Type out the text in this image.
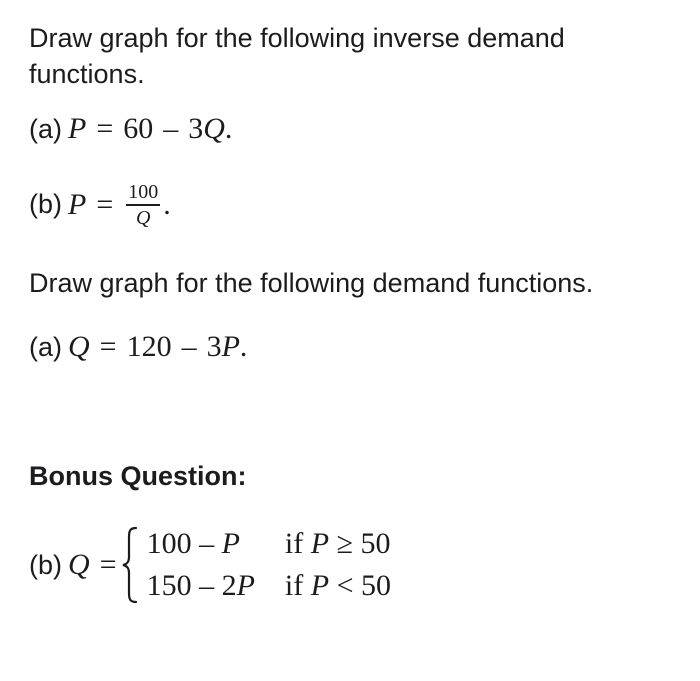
Draw graph for the following inverse demand functions.
(a) P = 60 – 3 Q .
(b) $P = \frac{100}{Q}$ .
Draw graph for the following demand functions.
(a) Q = 120 – 3 P .
Bonus Question:
(b) Q =
100 – P	if P ≥ 50
150 – 2P	if P < 50
